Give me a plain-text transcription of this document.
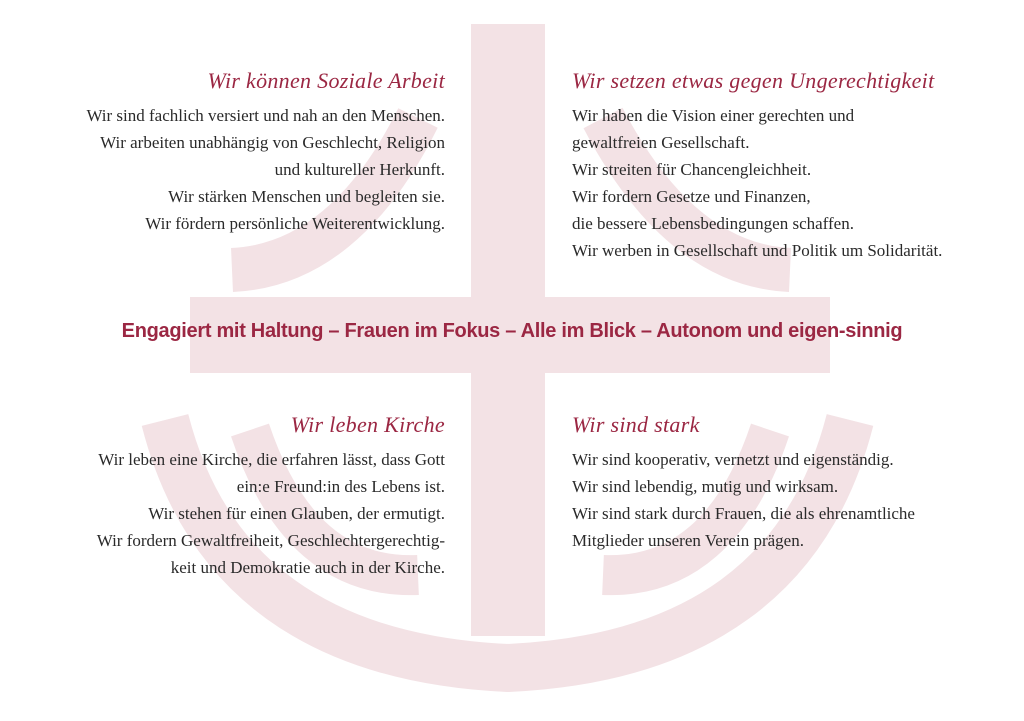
Wir können Soziale Arbeit

Wir sind fachlich versiert und nah an den Menschen.

Wir arbeiten unabhängig von Geschlecht, Religion

und kultureller Herkunft.

Wir stärken Menschen und begleiten sie.

Wir fördern persönliche Weiterentwicklung.

Wir setzen etwas gegen Ungerechtigkeit

Wir haben die Vision einer gerechten und

gewaltfreien Gesellschaft.

Wir streiten für Chancengleichheit.

Wir fordern Gesetze und Finanzen,

die bessere Lebensbedingungen schaffen.

Wir werben in Gesellschaft und Politik um Solidarität.

Engagiert mit Haltung – Frauen im Fokus – Alle im Blick – Autonom und eigen-sinnig
Wir leben Kirche

Wir leben eine Kirche, die erfahren lässt, dass Gott

ein:e Freund:in des Lebens ist.

Wir stehen für einen Glauben, der ermutigt.

Wir fordern Gewaltfreiheit, Geschlechtergerechtig-

keit und Demokratie auch in der Kirche.

Wir sind stark

Wir sind kooperativ, vernetzt und eigenständig.

Wir sind lebendig, mutig und wirksam.

Wir sind stark durch Frauen, die als ehrenamtliche

Mitglieder unseren Verein prägen.
